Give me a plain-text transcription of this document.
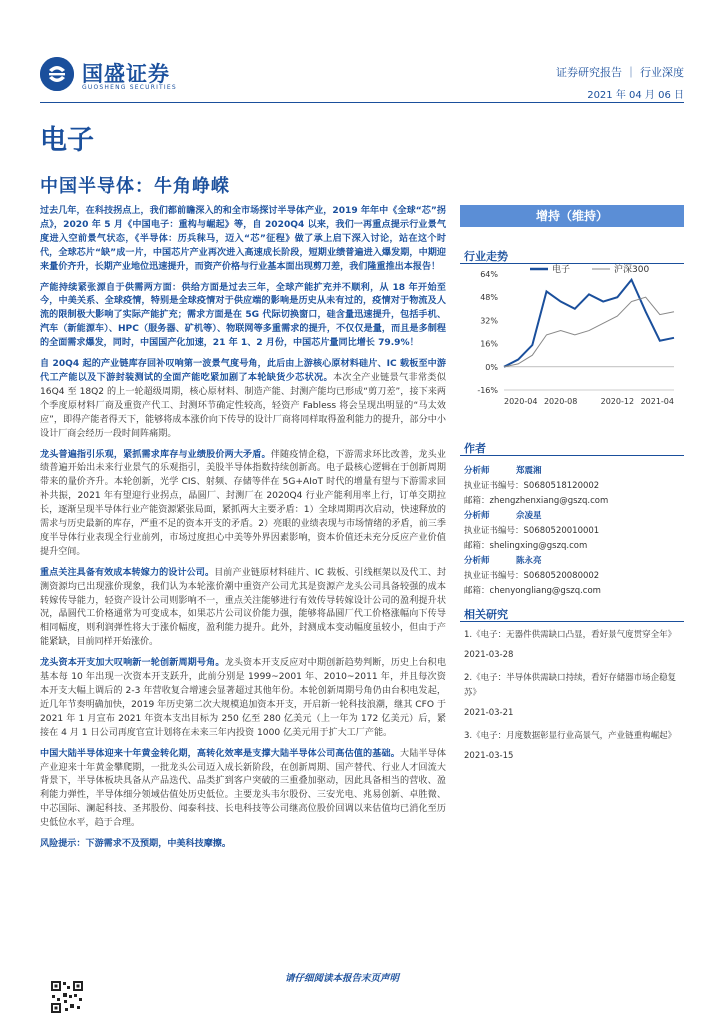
国盛证券
GUOSHENG SECURITIES
证券研究报告 ｜ 行业深度
2021 年 04 月 06 日
电子
中国半导体：牛角峥嵘

过去几年，在科技拐点上，我们都前瞻深入的和全市场探讨半导体产业，2019 年年中《全球“芯”拐点》，2020 年 5 月《中国电子：重构与崛起》等，自 2020Q4 以来，我们一再重点提示行业景气度进入空前景气状态，《半导体：历兵秣马，迈入“芯”征程》做了承上启下深入讨论，站在这个时代，全球芯片“缺”成一片，中国芯片产业再次进入高速成长阶段，短期业绩普遍进入爆发期，中期迎来量价齐升，长期产业地位迅速提升，而资产价格与行业基本面出现剪刀差，我们隆重推出本报告！

产能持续紧张源自于供需两方面：供给方面是过去三年，全球产能扩充并不顺利，从 18 年开始至今，中美关系、全球疫情，特别是全球疫情对于供应端的影响是历史从未有过的，疫情对于物流及人流的限制极大影响了实际产能扩充；需求方面是在 5G 代际切换窗口，硅含量迅速提升，包括手机、汽车（新能源车）、HPC（服务器、矿机等）、物联网等多重需求的提升，不仅仅是量，而且是多制程的全面需求爆发，同时，中国国产化加速，21 年 1、2 月份，中国芯片量同比增长 79.9%！

自 20Q4 起的产业链库存回补叹响第一波景气度号角，此后由上游核心原材料硅片、IC 载板至中游代工产能以及下游封装测试的全面产能吃紧加剧了本轮缺货少芯状况。本次全产业链景气非常类似 16Q4 至 18Q2 的上一轮超级周期，核心原材料、制造产能、封测产能均已形成“剪刀差”，接下来两个季度原材料厂商及重资产代工、封测环节确定性较高，轻资产 Fabless 将会呈现出明显的“马太效应”，即得产能者得天下，能够将成本涨价向下传导的设计厂商将同样取得盈利能力的提升，部分中小设计厂商会经历一段时间阵痛期。

龙头普遍指引乐观，紧抓需求库存与业绩股价两大矛盾。伴随疫情企稳，下游需求环比改善，龙头业绩普遍开始出未来行业景气的乐观指引，美股半导体指数持续创新高。电子最核心逻辑在于创新周期带来的量价齐升。本轮创新，光学 CIS、射频、存储等伴在 5G+AIoT 时代的增量有望与下游需求回补共振，2021 年有望迎行业拐点，晶圆厂、封测厂在 2020Q4 行业产能利用率上行，订单交期拉长，逐渐呈现半导体行业产能资源紧张局面，紧抓两大主要矛盾：1）全球周期再次启动，快速释放的需求与历史最新的库存，严重不足的资本开支的矛盾。2）亮眼的业绩表现与市场情绪的矛盾，前三季度半导体行业表现全行业前列，市场过度担心中美等外界因素影响，资本价值还未充分反应产业价值提升空间。

重点关注具备有效成本转嫁力的设计公司。目前产业链原材料硅片、IC 载板、引线框架以及代工、封测资源均已出现涨价现象，我们认为本轮涨价潮中重资产公司尤其是资源产龙头公司具备较强的成本转嫁传导能力，轻资产设计公司则影响不一，重点关注能够进行有效传导转嫁设计公司的盈利提升状况，晶圆代工价格通常为可变成本，如果芯片公司议价能力强，能够将晶圆厂代工价格涨幅向下传导相同幅度，则利润弹性将大于涨价幅度，盈利能力提升。此外，封测成本变动幅度虽较小，但由于产能紧缺，目前同样开始涨价。

龙头资本开支加大叹响新一轮创新周期号角。龙头资本开支反应对中期创新趋势判断，历史上台积电基本每 10 年出现一次资本开支跃升，此前分别是 1999~2001 年、2010~2011 年，并且每次资本开支大幅上调后的 2-3 年营收复合增速会显著超过其他年份。本轮创新周期号角仍由台积电发起，近几年节奏明确加快，2019 年历史第二次大规模追加资本开支，开启新一轮科技浪潮，继其 CFO 于 2021 年 1 月宣布 2021 年资本支出目标为 250 亿至 280 亿美元（上一年为 172 亿美元）后，紧接在 4 月 1 日公司再度官宣计划将在未来三年内投资 1000 亿美元用于扩大工厂产能。

中国大陆半导体迎来十年黄金转化期，高转化效率是支撑大陆半导体公司高估值的基础。大陆半导体产业迎来十年黄金攀爬期，一批龙头公司迈入成长新阶段，在创新周期、国产替代、行业人才回流大背景下，半导体板块具备从产品迭代、品类扩到客户突破的三重叠加驱动，因此具备相当的营收、盈利能力弹性，半导体细分领域估值处历史低位。主要龙头韦尔股份、三安光电、兆易创新、卓胜微、中芯国际、澜起科技、圣邦股份、闻泰科技、长电科技等公司继高位股价回调以来估值均已消化至历史低位水平，趋于合理。

风险提示：下游需求不及预期，中美科技摩擦。

增持（维持）
行业走势
64%
48%
32%
16%
0%
-16%
2020-04 2020-08	2020-12 2021-04
电子	沪深300
作者
分析师	郑震湘
执业证书编号：S0680518120002
邮箱：zhengzhenxiang@gszq.com
分析师	佘凌星
执业证书编号：S0680520010001
邮箱：shelingxing@gszq.com
分析师	陈永亮
执业证书编号：S0680520080002
邮箱：chenyongliang@gszq.com
相关研究
1.《电子：无器件供需缺口凸显，看好景气度贯穿全年》
2021-03-28
2.《电子：半导体供需缺口持续，看好存储器市场企稳复苏》
2021-03-21
3.《电子：月度数据彰显行业高景气，产业链重构崛起》
2021-03-15
请仔细阅读本报告末页声明
